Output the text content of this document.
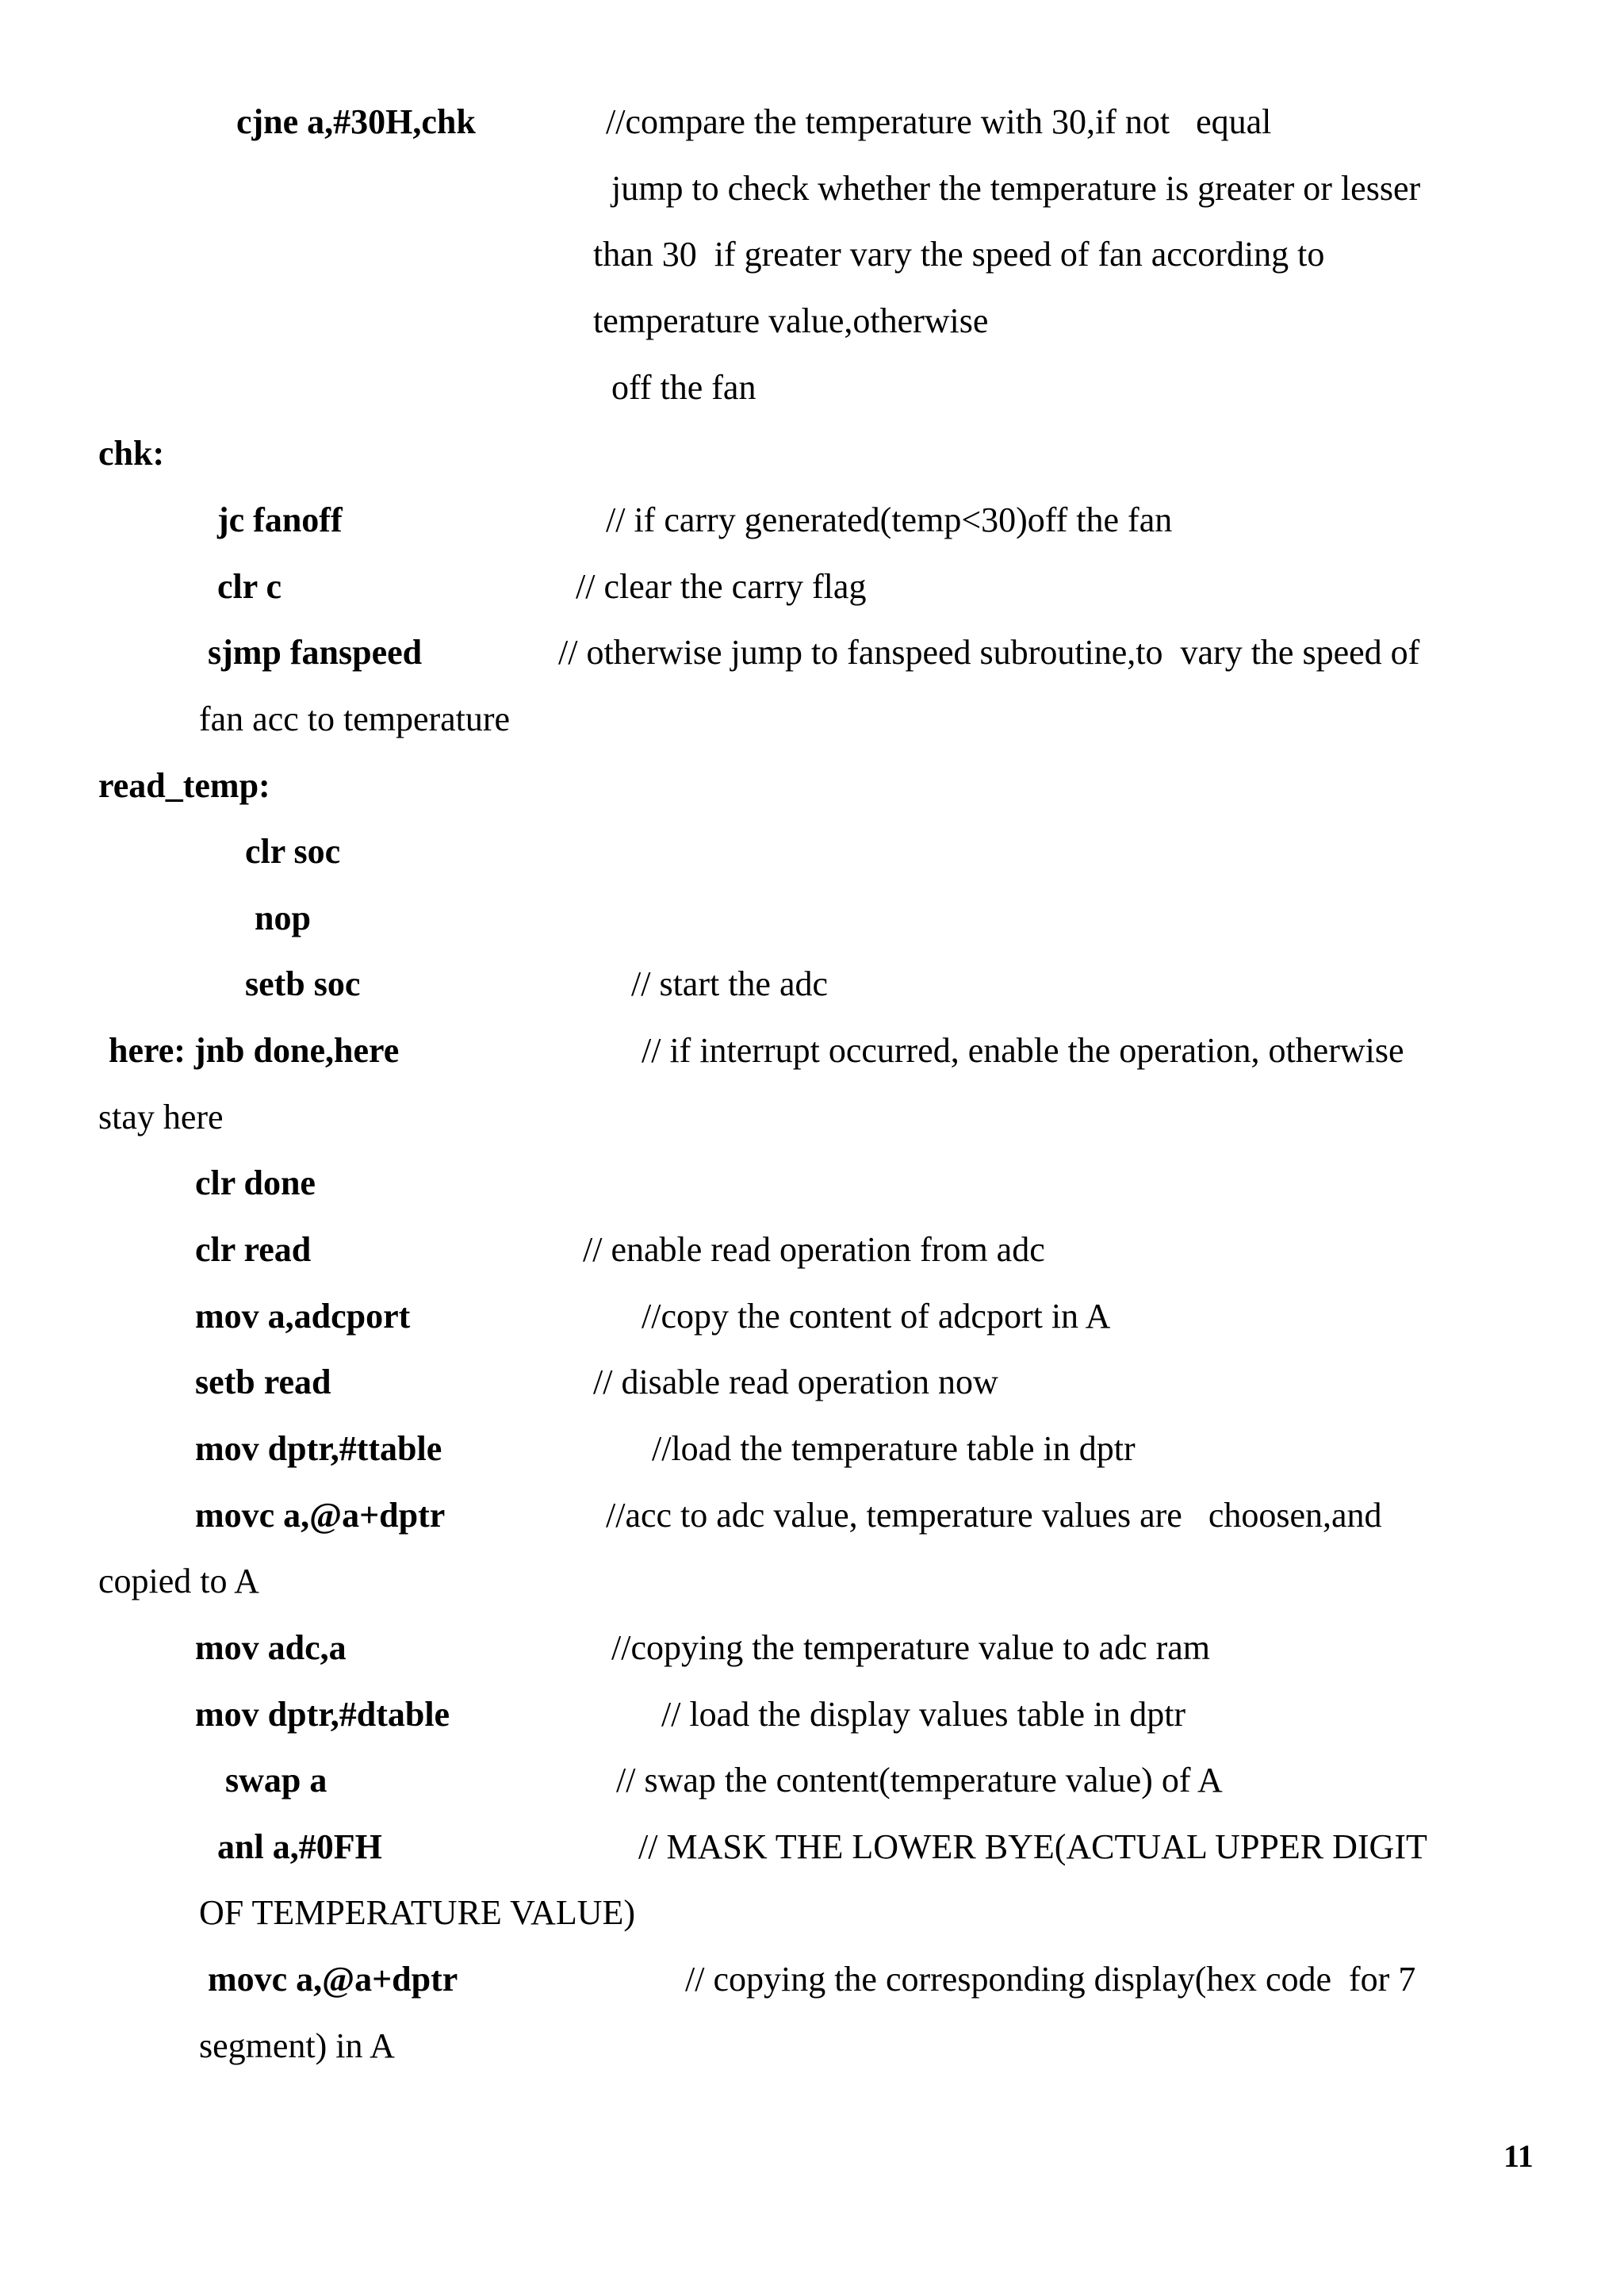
cjne a,#30H,chk	//compare the temperature with 30,if not   equal
jump to check whether the temperature is greater or lesser
than 30  if greater vary the speed of fan according to
temperature value,otherwise
off the fan
chk:
jc fanoff	// if carry generated(temp<30)off the fan
clr c	// clear the carry flag
sjmp fanspeed	// otherwise jump to fanspeed subroutine,to  vary the speed of
fan acc to temperature
read_temp:
clr soc
nop
setb soc	// start the adc
here: jnb done,here	// if interrupt occurred, enable the operation, otherwise
stay here
clr done
clr read	// enable read operation from adc
mov a,adcport	//copy the content of adcport in A
setb read	// disable read operation now
mov dptr,#ttable	//load the temperature table in dptr
movc a,@a+dptr	//acc to adc value, temperature values are   choosen,and
copied to A
mov adc,a	//copying the temperature value to adc ram
mov dptr,#dtable	// load the display values table in dptr
swap a	// swap the content(temperature value) of A
anl a,#0FH	// MASK THE LOWER BYE(ACTUAL UPPER DIGIT
OF TEMPERATURE VALUE)
movc a,@a+dptr	// copying the corresponding display(hex code  for 7
segment) in A
11
